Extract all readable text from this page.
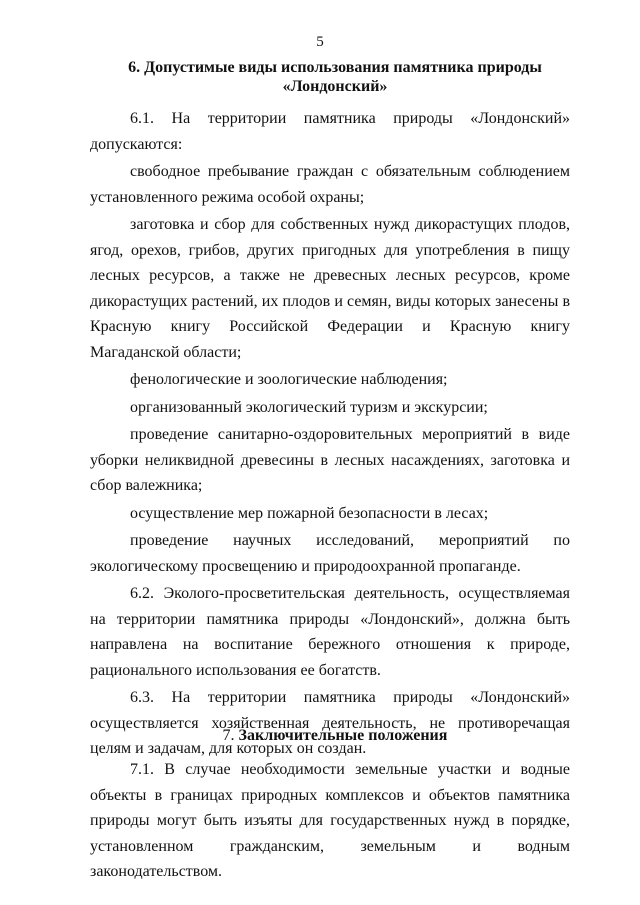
5
6. Допустимые виды использования памятника природы
«Лондонский»

6.1. На территории памятника природы «Лондонский» допускаются:

свободное пребывание граждан с обязательным соблюдением установленного режима особой охраны;

заготовка и сбор для собственных нужд дикорастущих плодов, ягод, орехов, грибов, других пригодных для употребления в пищу лесных ресурсов, а также не древесных лесных ресурсов, кроме дикорастущих растений, их плодов и семян, виды которых занесены в Красную книгу Российской Федерации и Красную книгу Магаданской области;

фенологические и зоологические наблюдения;

организованный экологический туризм и экскурсии;

проведение санитарно-оздоровительных мероприятий в виде уборки неликвидной древесины в лесных насаждениях, заготовка и сбор валежника;

осуществление мер пожарной безопасности в лесах;

проведение научных исследований, мероприятий по экологическому просвещению и природоохранной пропаганде.

6.2. Эколого-просветительская деятельность, осуществляемая на территории памятника природы «Лондонский», должна быть направлена на воспитание бережного отношения к природе, рационального использования ее богатств.

6.3. На территории памятника природы «Лондонский» осуществляется хозяйственная деятельность, не противоречащая целям и задачам, для которых он создан.

7. Заключительные положения

7.1. В случае необходимости земельные участки и водные объекты в границах природных комплексов и объектов памятника природы могут быть изъяты для государственных нужд в порядке, установленном гражданским, земельным и водным законодательством.
